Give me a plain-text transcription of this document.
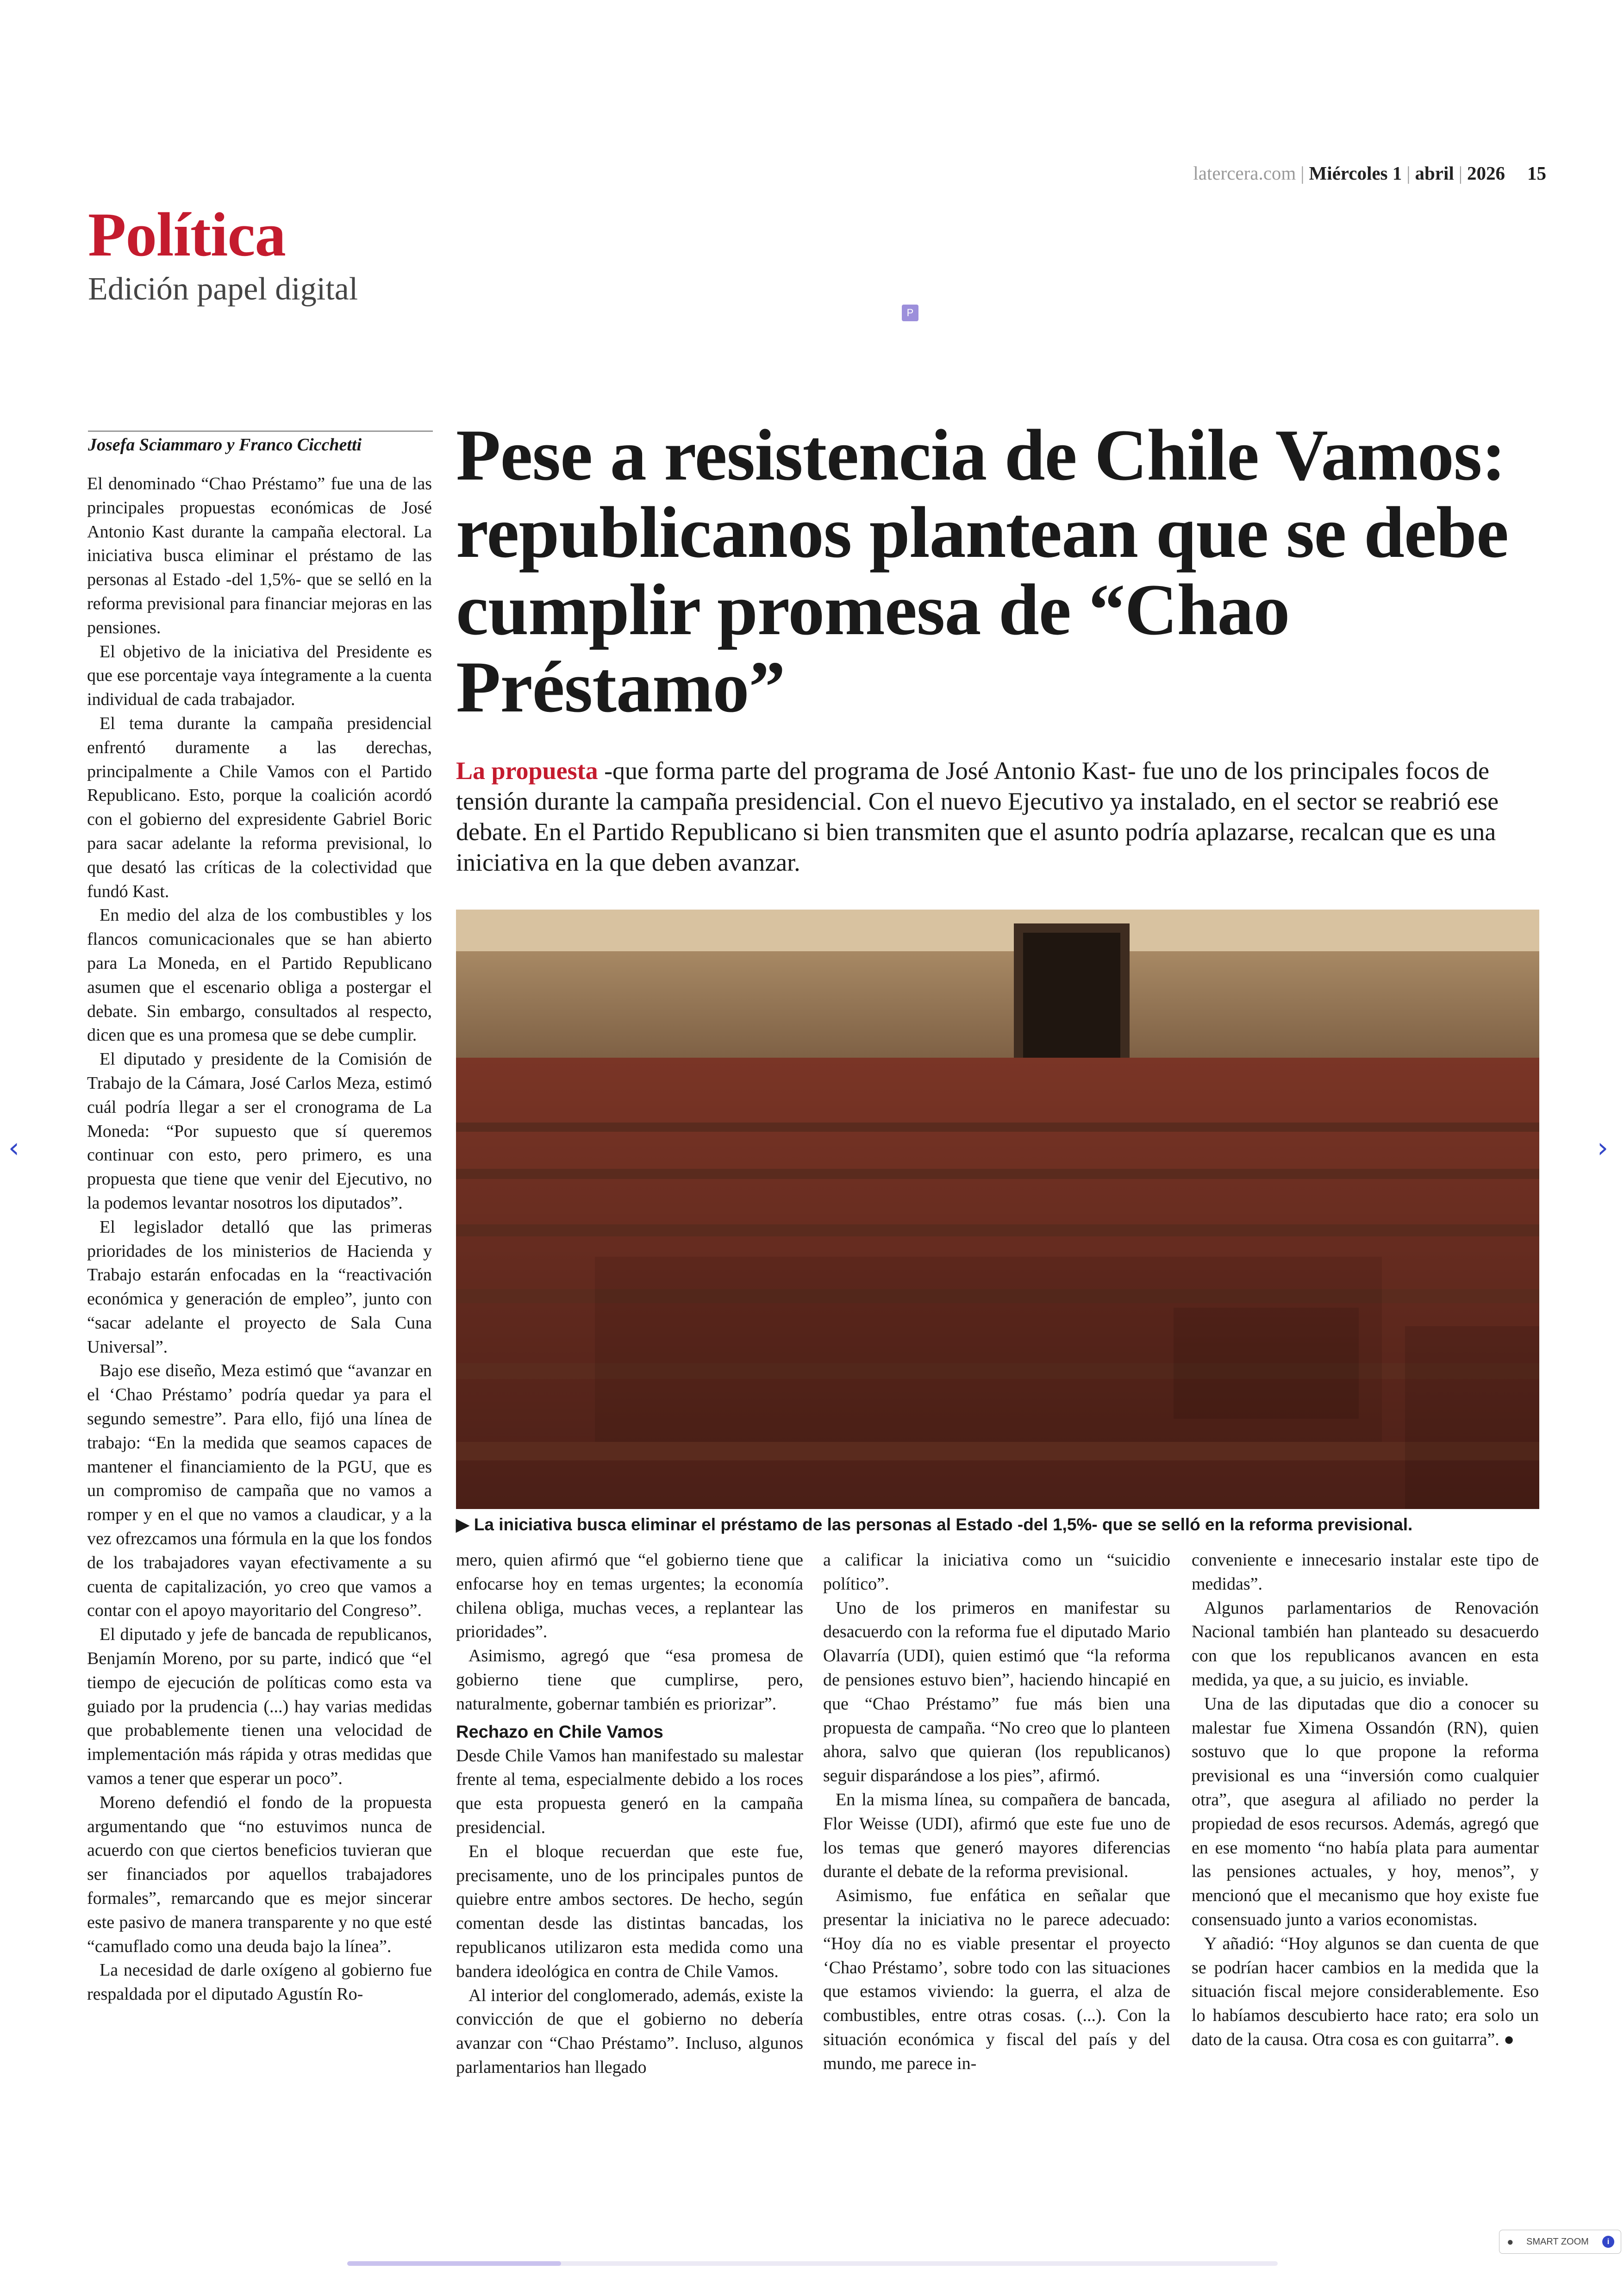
latercera.com | Miércoles 1 | abril | 2026 15
Política
Edición papel digital
P
Josefa Sciammaro y Franco Cicchetti

El denominado “Chao Préstamo” fue una de las principales propuestas económicas de José Antonio Kast durante la campaña electoral. La iniciativa busca eliminar el préstamo de las personas al Estado -del 1,5%- que se selló en la reforma previsional para financiar mejoras en las pensiones.

El objetivo de la iniciativa del Presidente es que ese porcentaje vaya íntegramente a la cuenta individual de cada trabajador.

El tema durante la campaña presidencial enfrentó duramente a las derechas, principalmente a Chile Vamos con el Partido Republicano. Esto, porque la coalición acordó con el gobierno del expresidente Gabriel Boric para sacar adelante la reforma previsional, lo que desató las críticas de la colectividad que fundó Kast.

En medio del alza de los combustibles y los flancos comunicacionales que se han abierto para La Moneda, en el Partido Republicano asumen que el escenario obliga a postergar el debate. Sin embargo, consultados al respecto, dicen que es una promesa que se debe cumplir.

El diputado y presidente de la Comisión de Trabajo de la Cámara, José Carlos Meza, estimó cuál podría llegar a ser el cronograma de La Moneda: “Por supuesto que sí queremos continuar con esto, pero primero, es una propuesta que tiene que venir del Ejecutivo, no la podemos levantar nosotros los diputados”.

El legislador detalló que las primeras prioridades de los ministerios de Hacienda y Trabajo estarán enfocadas en la “reactivación económica y generación de empleo”, junto con “sacar adelante el proyecto de Sala Cuna Universal”.

Bajo ese diseño, Meza estimó que “avanzar en el ‘Chao Préstamo’ podría quedar ya para el segundo semestre”. Para ello, fijó una línea de trabajo: “En la medida que seamos capaces de mantener el financiamiento de la PGU, que es un compromiso de campaña que no vamos a romper y en el que no vamos a claudicar, y a la vez ofrezcamos una fórmula en la que los fondos de los trabajadores vayan efectivamente a su cuenta de capitalización, yo creo que vamos a contar con el apoyo mayoritario del Congreso”.

El diputado y jefe de bancada de republicanos, Benjamín Moreno, por su parte, indicó que “el tiempo de ejecución de políticas como esta va guiado por la prudencia (...) hay varias medidas que probablemente tienen una velocidad de implementación más rápida y otras medidas que vamos a tener que esperar un poco”.

Moreno defendió el fondo de la propuesta argumentando que “no estuvimos nunca de acuerdo con que ciertos beneficios tuvieran que ser financiados por aquellos trabajadores formales”, remarcando que es mejor sincerar este pasivo de manera transparente y no que esté “camuflado como una deuda bajo la línea”.

La necesidad de darle oxígeno al gobierno fue respaldada por el diputado Agustín Ro-

Pese a resistencia de Chile Vamos: republicanos plantean que se debe cumplir promesa de “Chao Préstamo”
La propuesta -que forma parte del programa de José Antonio Kast- fue uno de los principales focos de tensión durante la campaña presidencial. Con el nuevo Ejecutivo ya instalado, en el sector se reabrió ese debate. En el Partido Republicano si bien transmiten que el asunto podría aplazarse, recalcan que es una iniciativa en la que deben avanzar.
▶ La iniciativa busca eliminar el préstamo de las personas al Estado -del 1,5%- que se selló en la reforma previsional.

mero, quien afirmó que “el gobierno tiene que enfocarse hoy en temas urgentes; la economía chilena obliga, muchas veces, a replantear las prioridades”.

Asimismo, agregó que “esa promesa de gobierno tiene que cumplirse, pero, naturalmente, gobernar también es priorizar”.

Rechazo en Chile Vamos

Desde Chile Vamos han manifestado su malestar frente al tema, especialmente debido a los roces que esta propuesta generó en la campaña presidencial.

En el bloque recuerdan que este fue, precisamente, uno de los principales puntos de quiebre entre ambos sectores. De hecho, según comentan desde las distintas bancadas, los republicanos utilizaron esta medida como una bandera ideológica en contra de Chile Vamos.

Al interior del conglomerado, además, existe la convicción de que el gobierno no debería avanzar con “Chao Préstamo”. Incluso, algunos parlamentarios han llegado

a calificar la iniciativa como un “suicidio político”.

Uno de los primeros en manifestar su desacuerdo con la reforma fue el diputado Mario Olavarría (UDI), quien estimó que “la reforma de pensiones estuvo bien”, haciendo hincapié en que “Chao Préstamo” fue más bien una propuesta de campaña. “No creo que lo planteen ahora, salvo que quieran (los republicanos) seguir disparándose a los pies”, afirmó.

En la misma línea, su compañera de bancada, Flor Weisse (UDI), afirmó que este fue uno de los temas que generó mayores diferencias durante el debate de la reforma previsional.

Asimismo, fue enfática en señalar que presentar la iniciativa no le parece adecuado: “Hoy día no es viable presentar el proyecto ‘Chao Préstamo’, sobre todo con las situaciones que estamos viviendo: la guerra, el alza de combustibles, entre otras cosas. (...). Con la situación económica y fiscal del país y del mundo, me parece in-

conveniente e innecesario instalar este tipo de medidas”.

Algunos parlamentarios de Renovación Nacional también han planteado su desacuerdo con que los republicanos avancen en esta medida, ya que, a su juicio, es inviable.

Una de las diputadas que dio a conocer su malestar fue Ximena Ossandón (RN), quien sostuvo que lo que propone la reforma previsional es una “inversión como cualquier otra”, que asegura al afiliado no perder la propiedad de esos recursos. Además, agregó que en ese momento “no había plata para aumentar las pensiones actuales, y hoy, menos”, y mencionó que el mecanismo que hoy existe fue consensuado junto a varios economistas.

Y añadió: “Hoy algunos se dan cuenta de que se podrían hacer cambios en la medida que la situación fiscal mejore considerablemente. Eso lo habíamos descubierto hace rato; era solo un dato de la causa. Otra cosa es con guitarra”. ●

‹	›
● SMART ZOOM	i
